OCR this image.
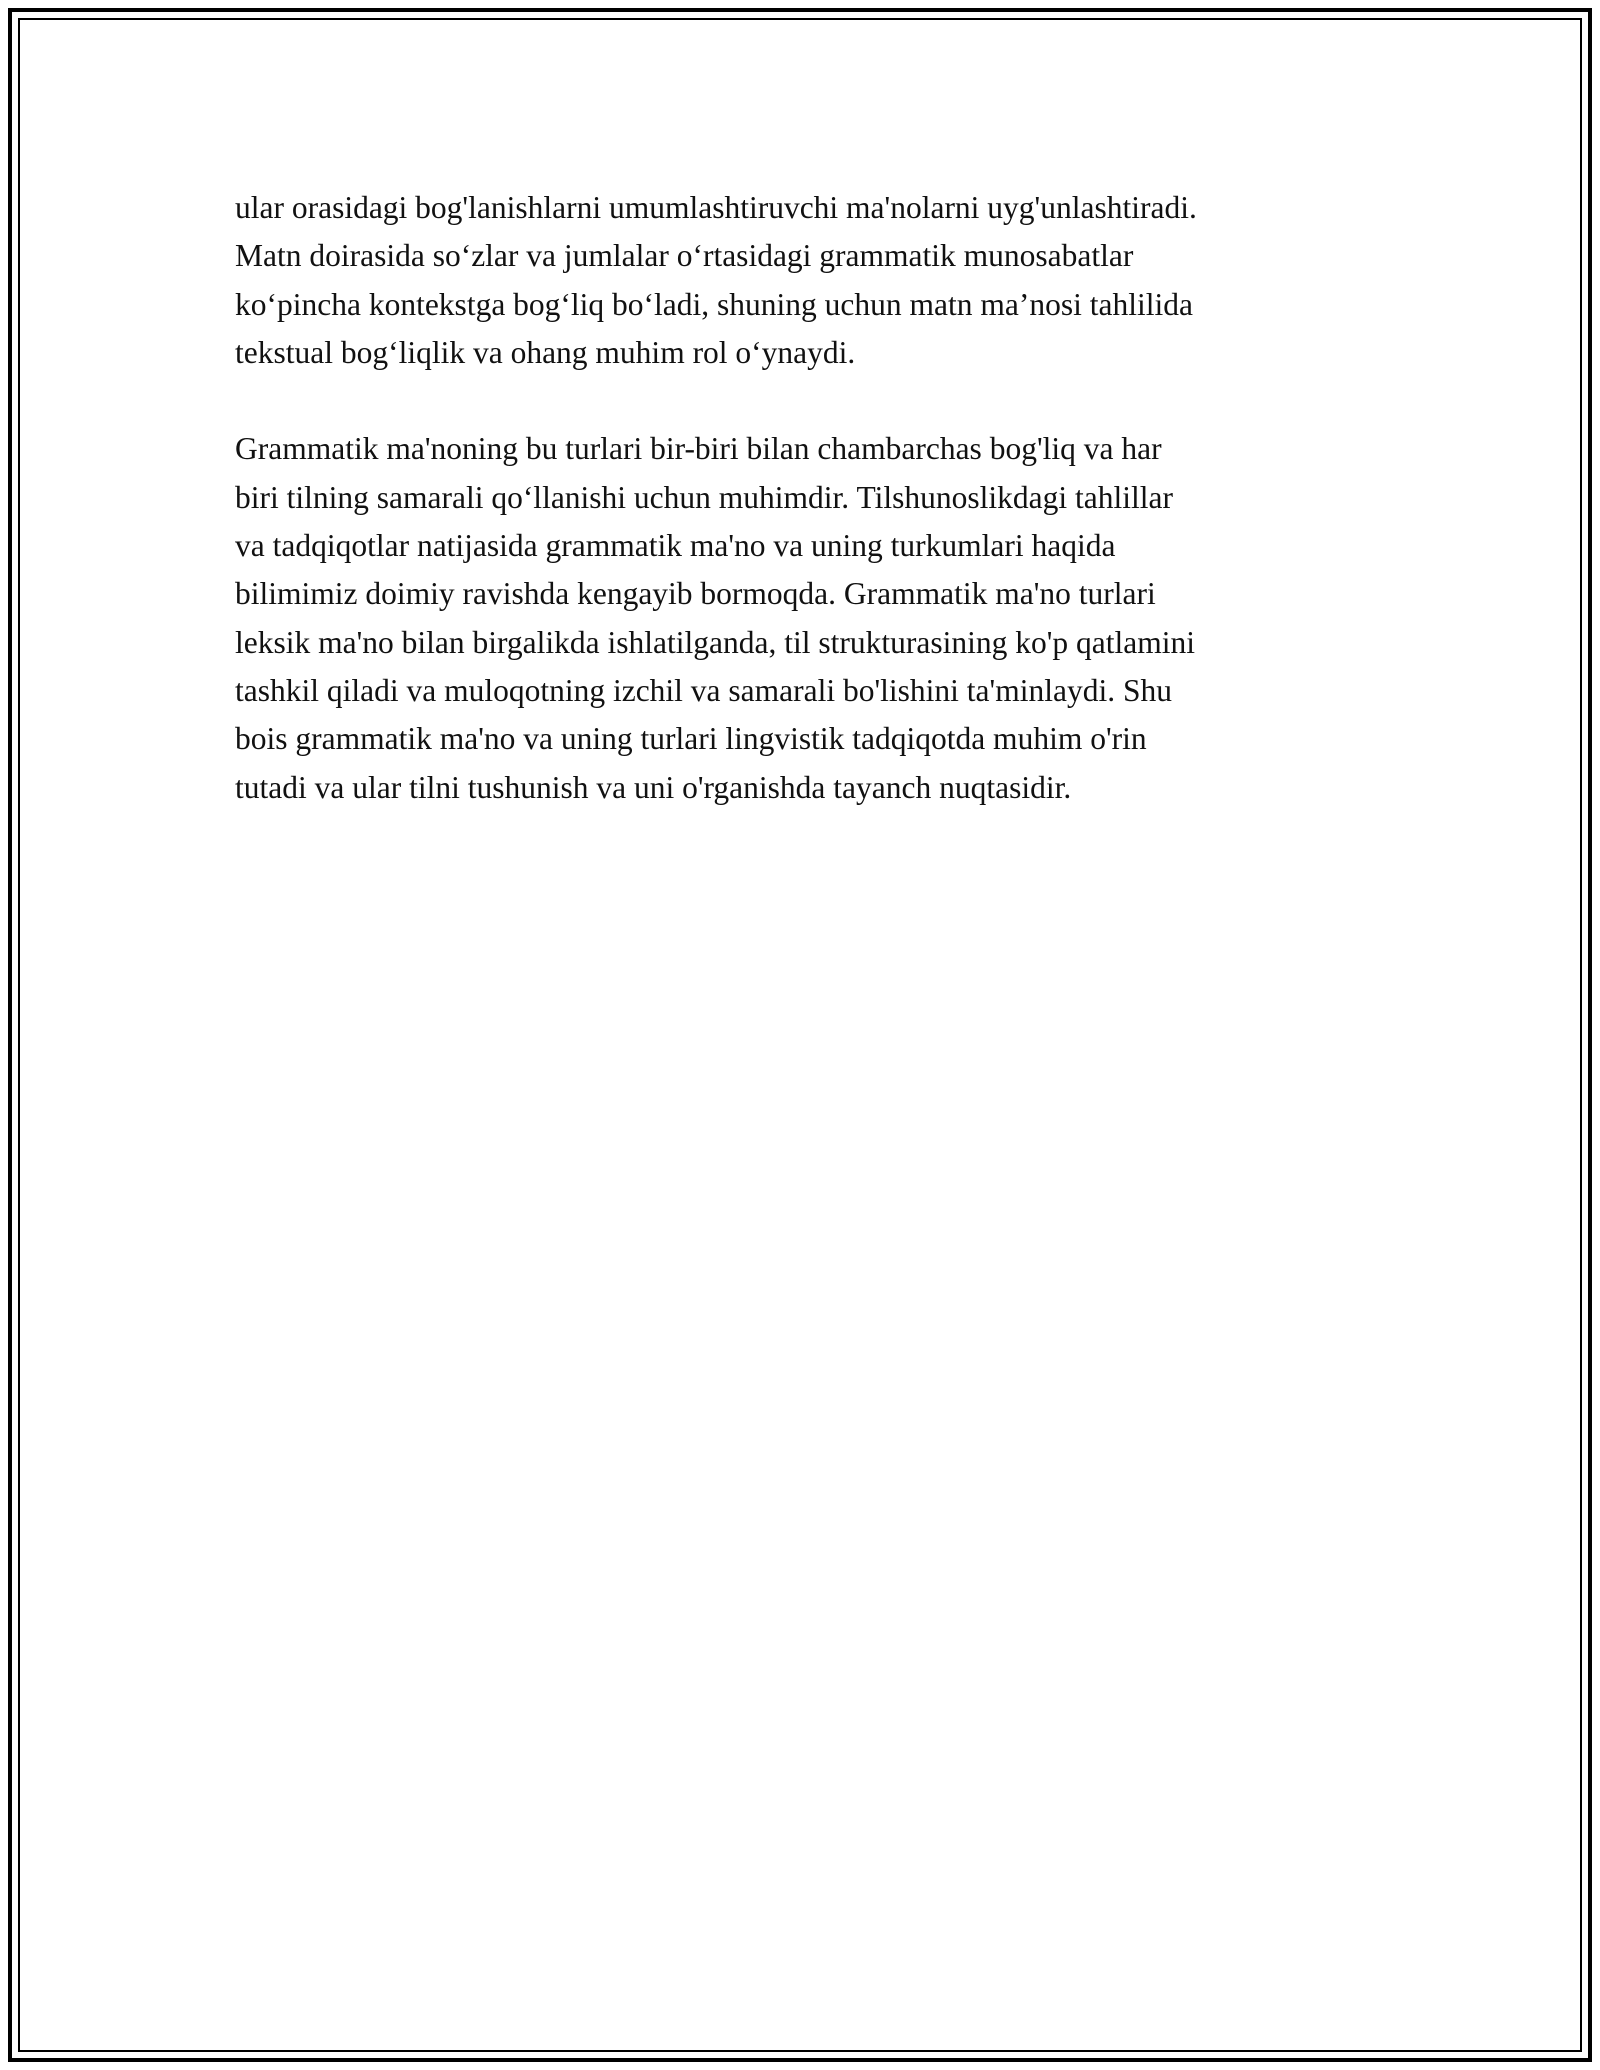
ular orasidagi bog'lanishlarni umumlashtiruvchi ma'nolarni uyg'unlashtiradi.
Matn doirasida so‘zlar va jumlalar o‘rtasidagi grammatik munosabatlar
ko‘pincha kontekstga bog‘liq bo‘ladi, shuning uchun matn ma’nosi tahlilida
tekstual bog‘liqlik va ohang muhim rol o‘ynaydi.
Grammatik ma'noning bu turlari bir-biri bilan chambarchas bog'liq va har
biri tilning samarali qo‘llanishi uchun muhimdir. Tilshunoslikdagi tahlillar
va tadqiqotlar natijasida grammatik ma'no va uning turkumlari haqida
bilimimiz doimiy ravishda kengayib bormoqda. Grammatik ma'no turlari
leksik ma'no bilan birgalikda ishlatilganda, til strukturasining ko'p qatlamini
tashkil qiladi va muloqotning izchil va samarali bo'lishini ta'minlaydi. Shu
bois grammatik ma'no va uning turlari lingvistik tadqiqotda muhim o'rin
tutadi va ular tilni tushunish va uni o'rganishda tayanch nuqtasidir.
